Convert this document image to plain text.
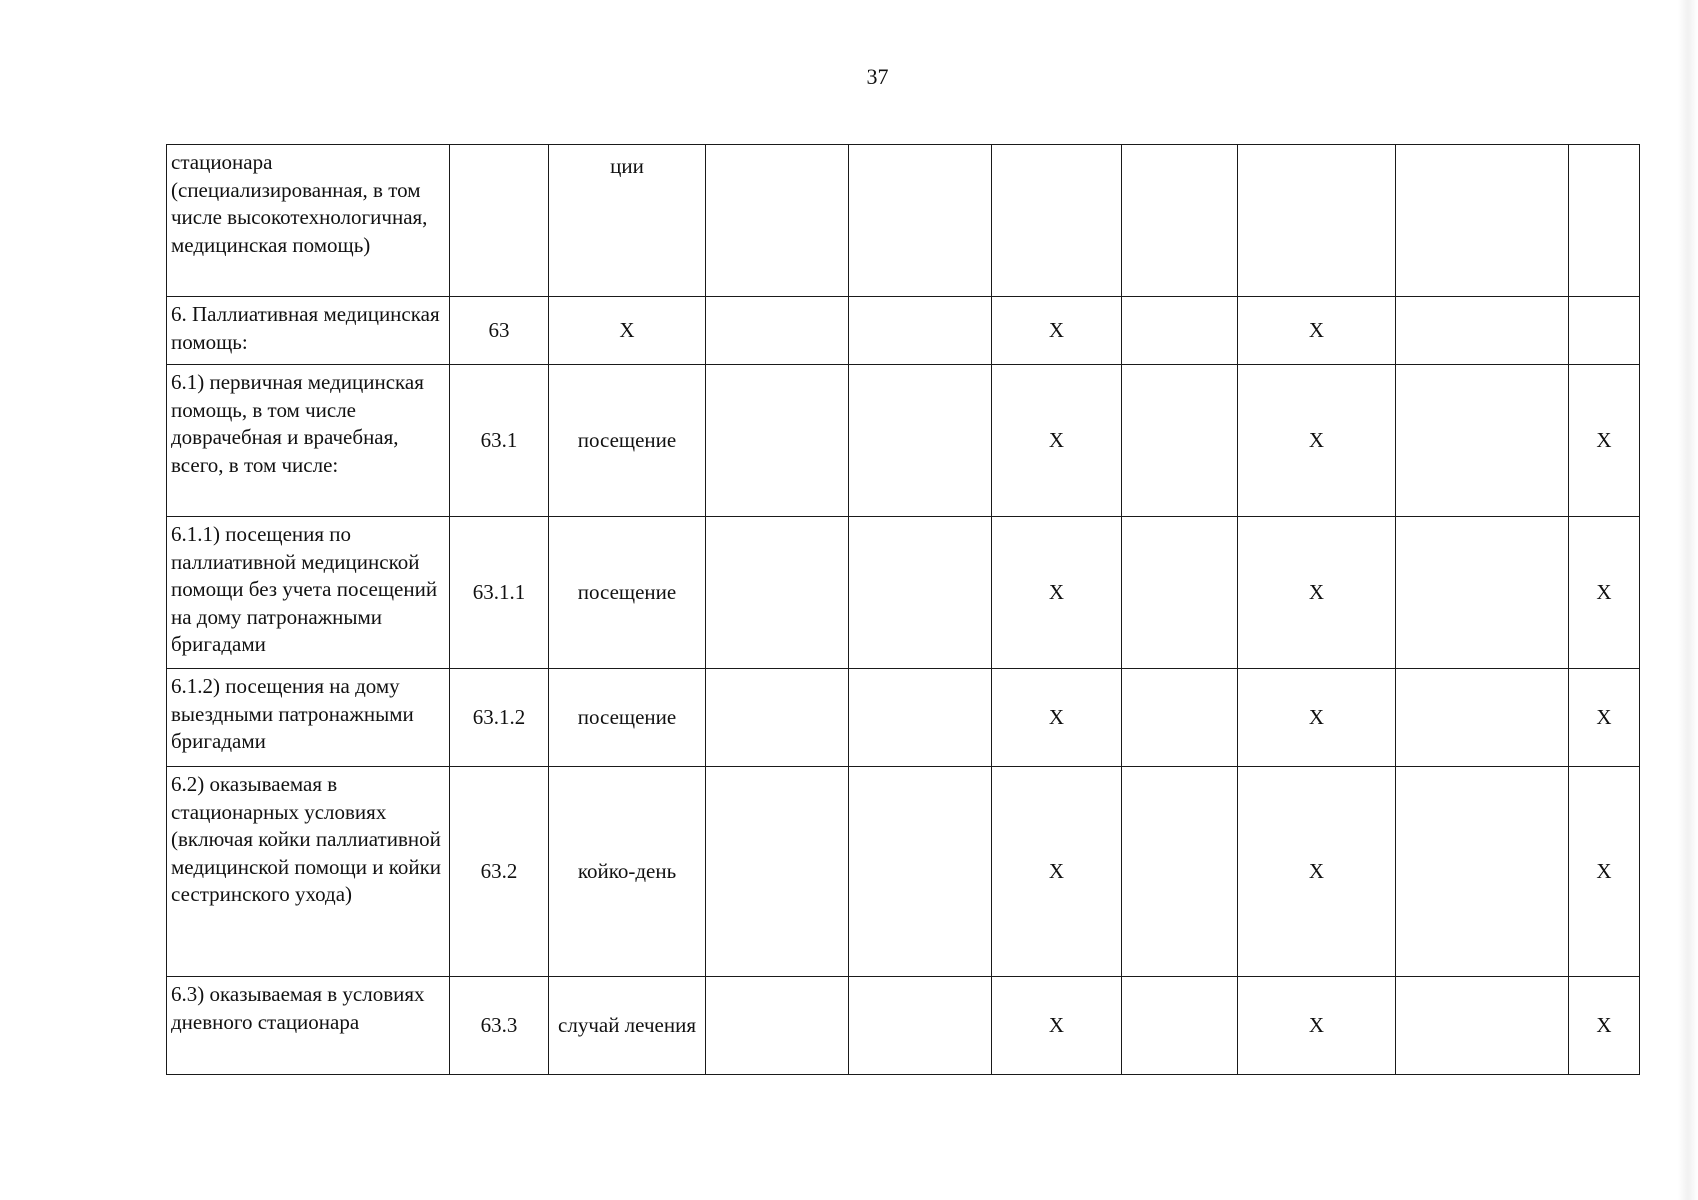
37
стационара (специализированная, в том числе высокотехнологичная, медицинская помощь)		ции							
6. Паллиативная медицинская помощь:	63	X			X		X		
6.1) первичная медицинская помощь, в том числе доврачебная и врачебная, всего, в том числе:	63.1	посещение			X		X		X
6.1.1) посещения по паллиативной медицинской помощи без учета посещений на дому патронажными бригадами	63.1.1	посещение			X		X		X
6.1.2) посещения на дому выездными патронажными бригадами	63.1.2	посещение			X		X		X
6.2) оказываемая в стационарных условиях (включая койки паллиативной медицинской помощи и койки сестринского ухода)	63.2	койко-день			X		X		X
6.3) оказываемая в условиях дневного стационара	63.3	случай лечения			X		X		X
